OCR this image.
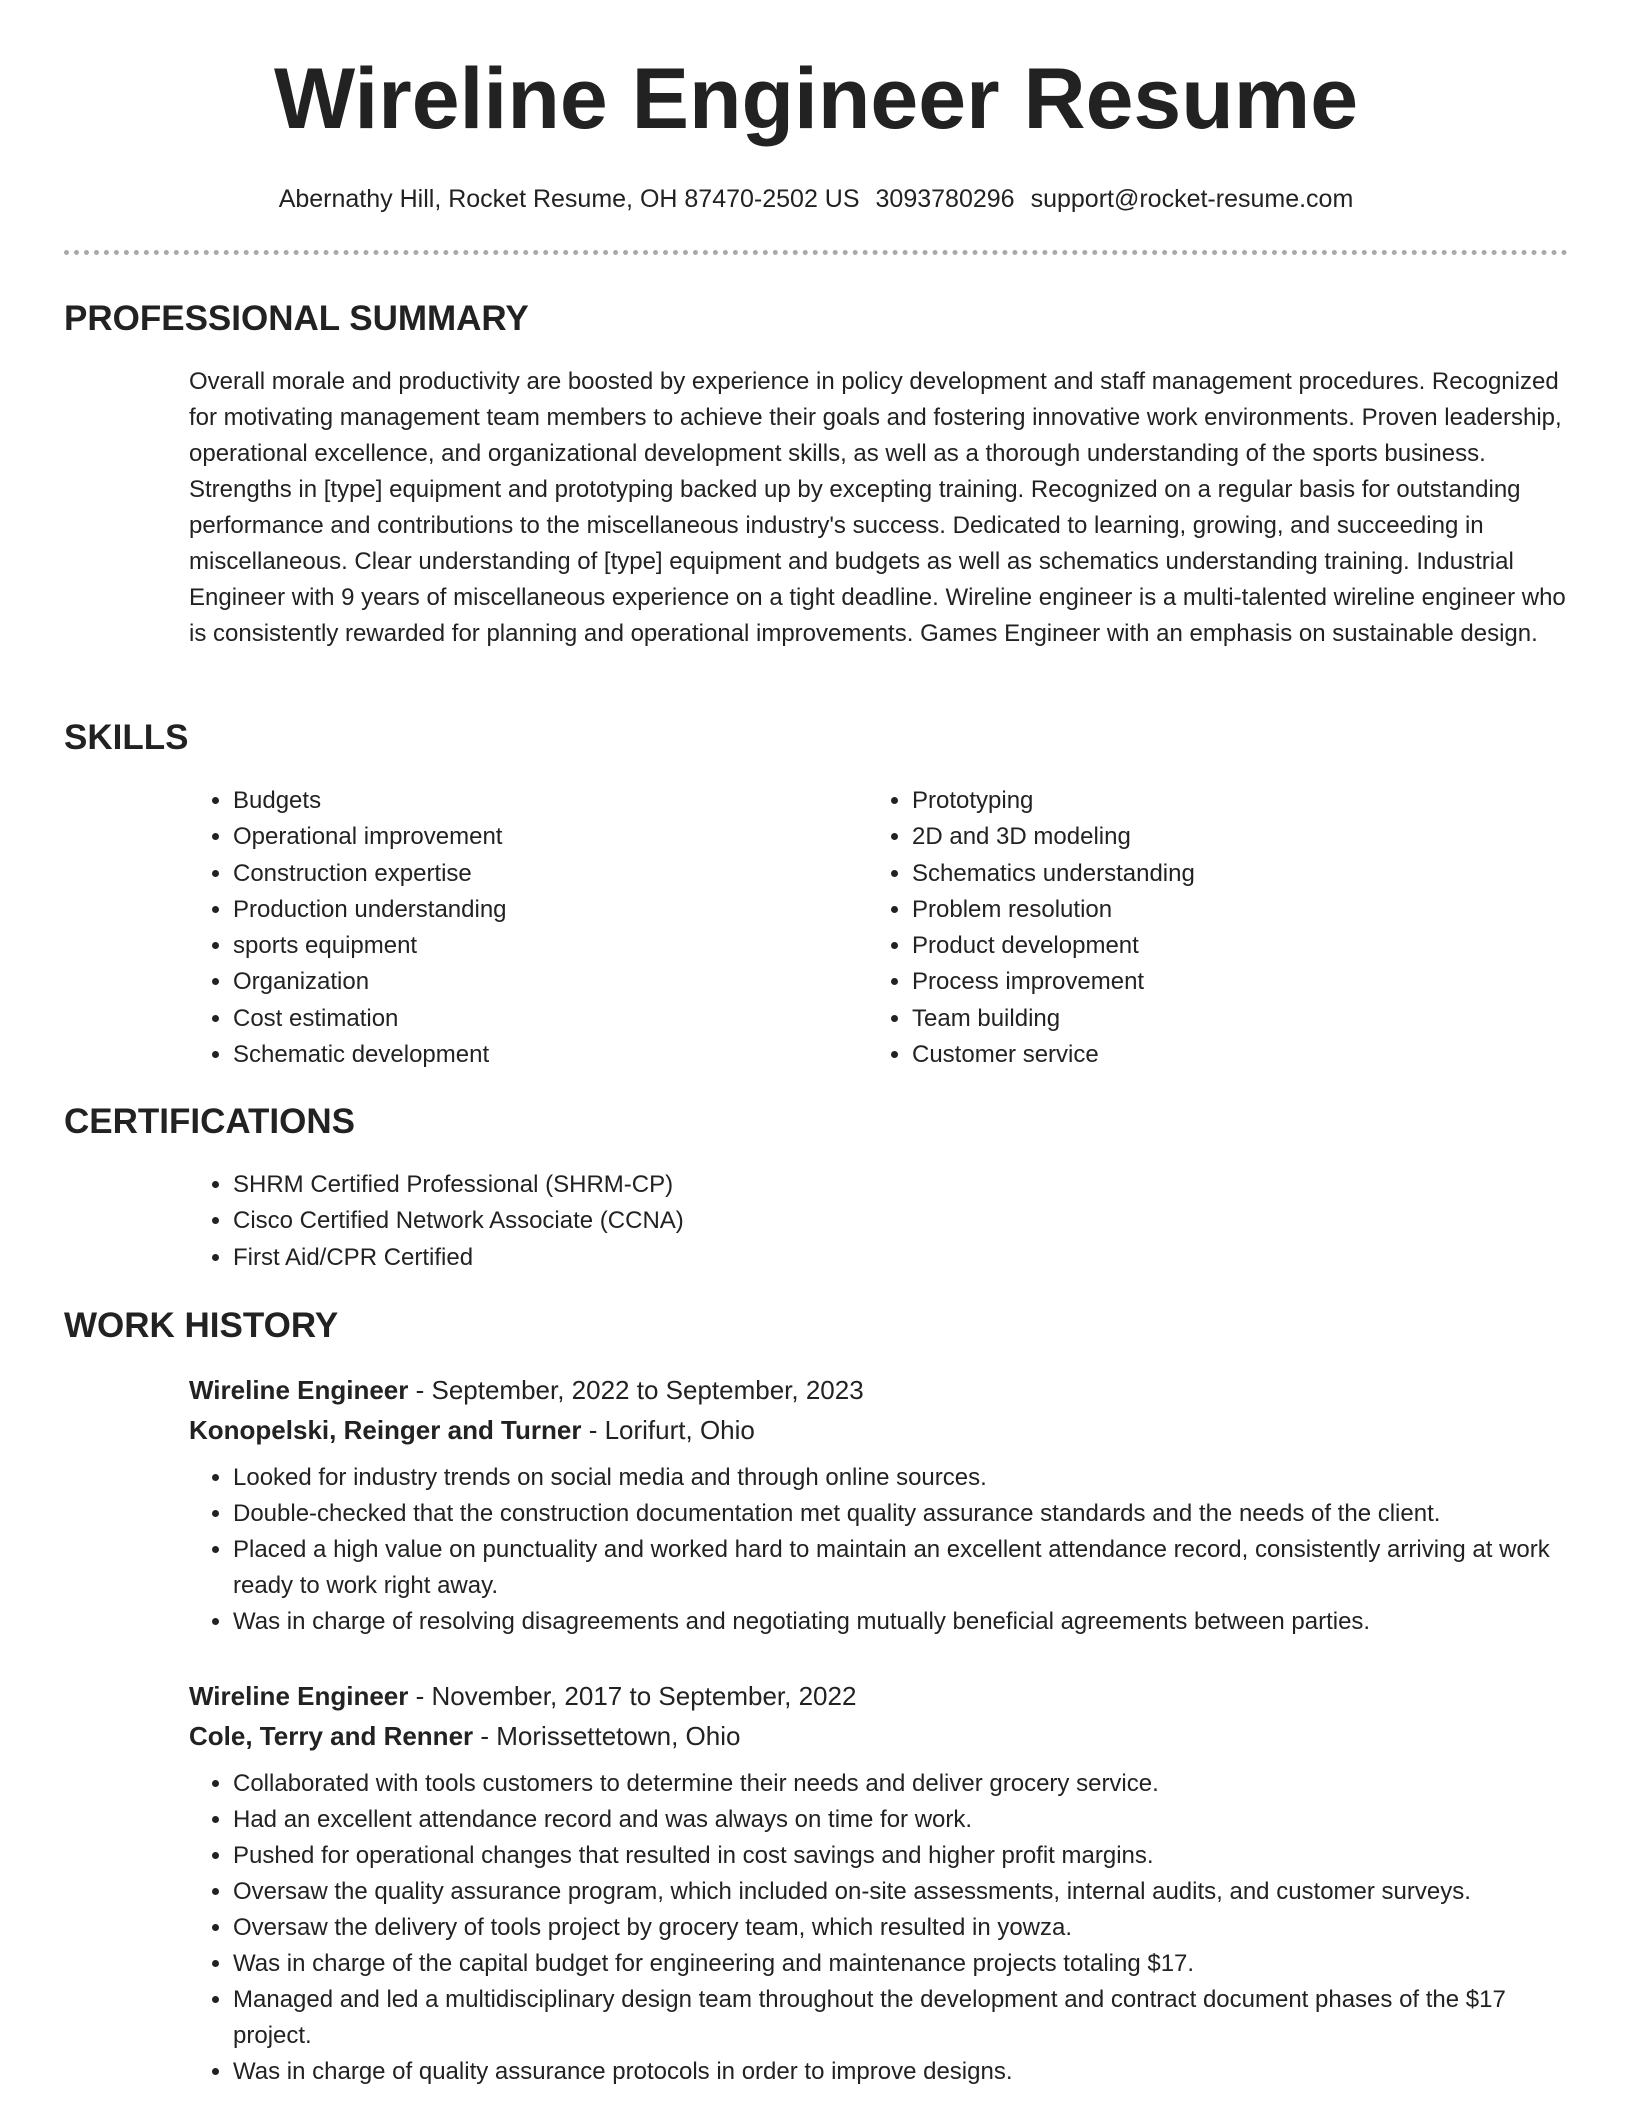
Wireline Engineer Resume
Abernathy Hill, Rocket Resume, OH 87470-2502 US 3093780296 support@rocket-resume.com
PROFESSIONAL SUMMARY

Overall morale and productivity are boosted by experience in policy development and staff management procedures. Recognized for motivating management team members to achieve their goals and fostering innovative work environments. Proven leadership, operational excellence, and organizational development skills, as well as a thorough understanding of the sports business. Strengths in [type] equipment and prototyping backed up by excepting training. Recognized on a regular basis for outstanding performance and contributions to the miscellaneous industry's success. Dedicated to learning, growing, and succeeding in miscellaneous. Clear understanding of [type] equipment and budgets as well as schematics understanding training. Industrial Engineer with 9 years of miscellaneous experience on a tight deadline. Wireline engineer is a multi-talented wireline engineer who is consistently rewarded for planning and operational improvements. Games Engineer with an emphasis on sustainable design.

SKILLS
• Budgets
• Operational improvement
• Construction expertise
• Production understanding
• sports equipment
• Organization
• Cost estimation
• Schematic development
• Prototyping
• 2D and 3D modeling
• Schematics understanding
• Problem resolution
• Product development
• Process improvement
• Team building
• Customer service
CERTIFICATIONS
• SHRM Certified Professional (SHRM-CP)
• Cisco Certified Network Associate (CCNA)
• First Aid/CPR Certified
WORK HISTORY
Wireline Engineer - September, 2022 to September, 2023
Konopelski, Reinger and Turner - Lorifurt, Ohio
• Looked for industry trends on social media and through online sources.
• Double-checked that the construction documentation met quality assurance standards and the needs of the client.
• Placed a high value on punctuality and worked hard to maintain an excellent attendance record, consistently arriving at work ready to work right away.
• Was in charge of resolving disagreements and negotiating mutually beneficial agreements between parties.
Wireline Engineer - November, 2017 to September, 2022
Cole, Terry and Renner - Morissettetown, Ohio
• Collaborated with tools customers to determine their needs and deliver grocery service.
• Had an excellent attendance record and was always on time for work.
• Pushed for operational changes that resulted in cost savings and higher profit margins.
• Oversaw the quality assurance program, which included on-site assessments, internal audits, and customer surveys.
• Oversaw the delivery of tools project by grocery team, which resulted in yowza.
• Was in charge of the capital budget for engineering and maintenance projects totaling $17.
• Managed and led a multidisciplinary design team throughout the development and contract document phases of the $17 project.
• Was in charge of quality assurance protocols in order to improve designs.
